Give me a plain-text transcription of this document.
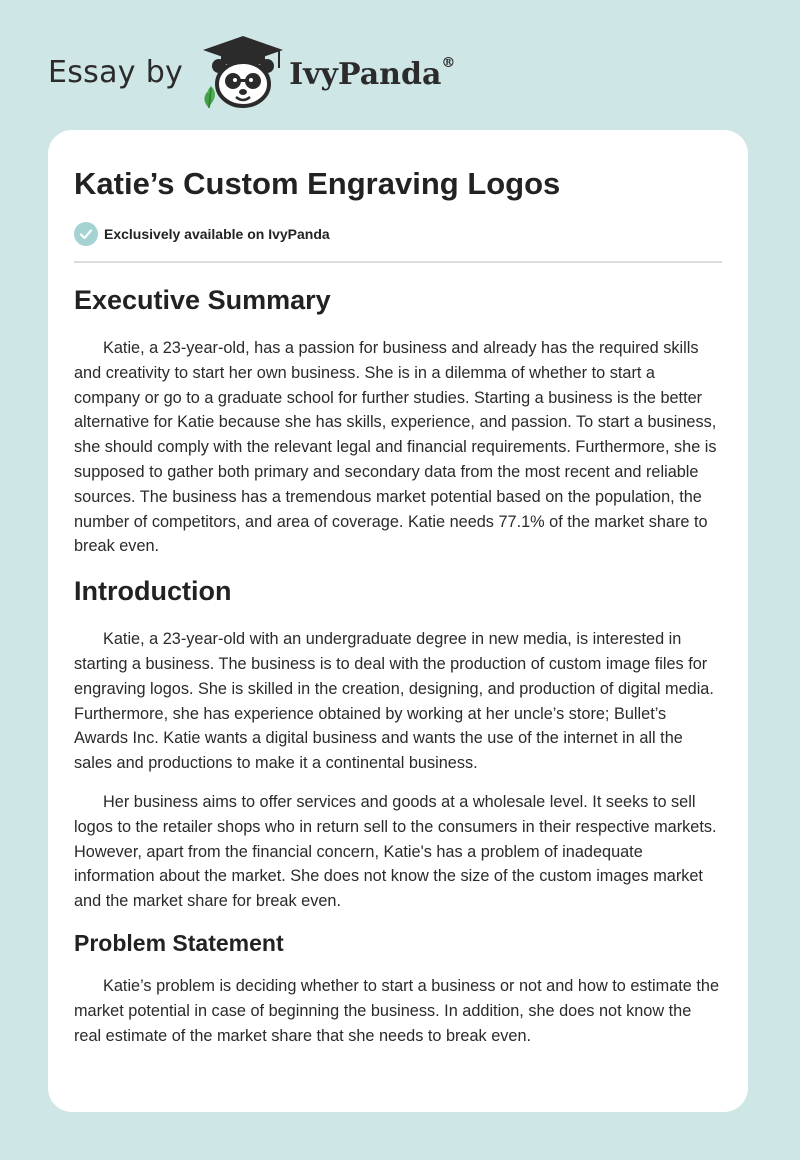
Essay by	IvyPanda®
Katie’s Custom Engraving Logos
Exclusively available on IvyPanda
Executive Summary

Katie, a 23-year-old, has a passion for business and already has the required skills and creativity to start her own business. She is in a dilemma of whether to start a company or go to a graduate school for further studies. Starting a business is the better alternative for Katie because she has skills, experience, and passion. To start a business, she should comply with the relevant legal and financial requirements. Furthermore, she is supposed to gather both primary and secondary data from the most recent and reliable sources. The business has a tremendous market potential based on the population, the number of competitors, and area of coverage. Katie needs 77.1% of the market share to break even.

Introduction

Katie, a 23-year-old with an undergraduate degree in new media, is interested in starting a business. The business is to deal with the production of custom image files for engraving logos. She is skilled in the creation, designing, and production of digital media. Furthermore, she has experience obtained by working at her uncle’s store; Bullet’s Awards Inc. Katie wants a digital business and wants the use of the internet in all the sales and productions to make it a continental business.

Her business aims to offer services and goods at a wholesale level. It seeks to sell logos to the retailer shops who in return sell to the consumers in their respective markets. However, apart from the financial concern, Katie's has a problem of inadequate information about the market. She does not know the size of the custom images market and the market share for break even.

Problem Statement

Katie’s problem is deciding whether to start a business or not and how to estimate the market potential in case of beginning the business. In addition, she does not know the real estimate of the market share that she needs to break even.
